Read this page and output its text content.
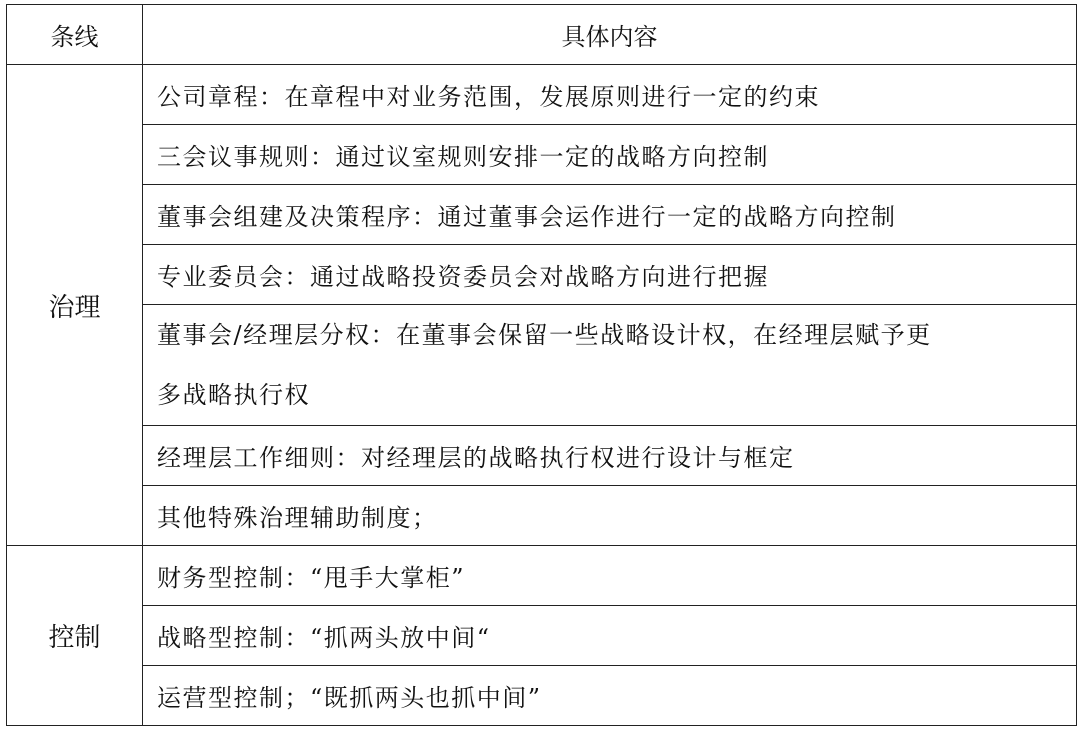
条线	具体内容
治理	公司章程：在章程中对业务范围，发展原则进行一定的约束
	三会议事规则：通过议室规则安排一定的战略方向控制
	董事会组建及决策程序：通过董事会运作进行一定的战略方向控制
	专业委员会：通过战略投资委员会对战略方向进行把握

	董事会/经理层分权：在董事会保留一些战略设计权，在经理层赋予更
多战略执行权

	经理层工作细则：对经理层的战略执行权进行设计与框定
	其他特殊治理辅助制度；
控制	财务型控制：“甩手大掌柜”
	战略型控制：“抓两头放中间“
	运营型控制；“既抓两头也抓中间”
